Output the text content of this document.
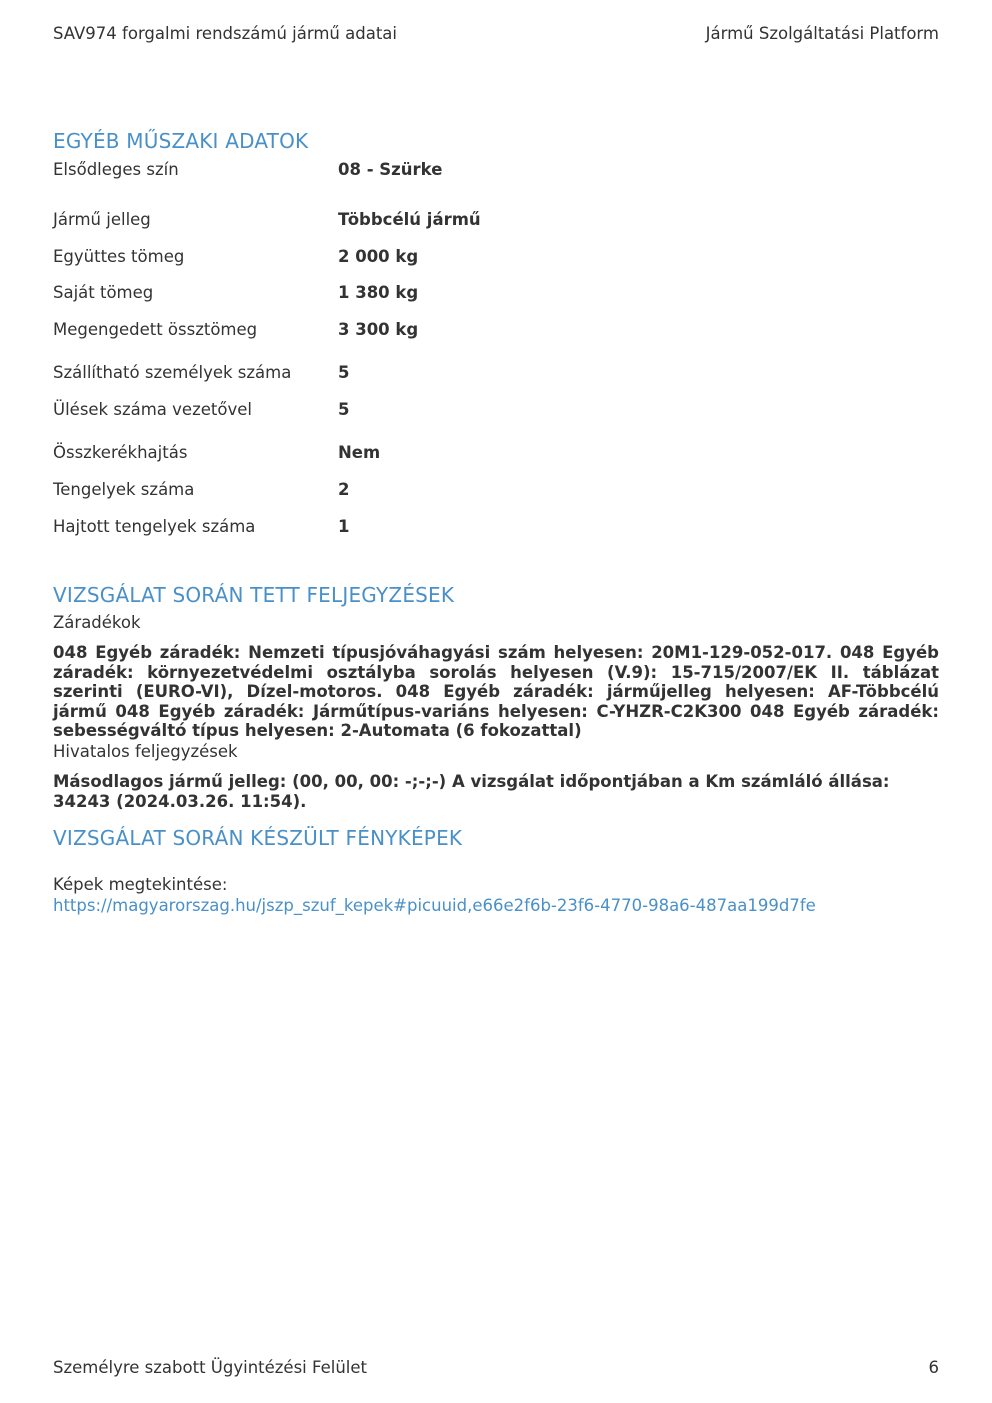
SAV974 forgalmi rendszámú jármű adatai	Jármű Szolgáltatási Platform
EGYÉB MŰSZAKI ADATOK
Elsődleges szín	08 - Szürke
Jármű jelleg	Többcélú jármű
Együttes tömeg	2 000 kg
Saját tömeg	1 380 kg
Megengedett össztömeg	3 300 kg
Szállítható személyek száma	5
Ülések száma vezetővel	5
Összkerékhajtás	Nem
Tengelyek száma	2
Hajtott tengelyek száma	1
VIZSGÁLAT SORÁN TETT FELJEGYZÉSEK
Záradékok
048 Egyéb záradék: Nemzeti típusjóváhagyási szám helyesen: 20M1-129-052-017. 048 Egyéb záradék: környezetvédelmi osztályba sorolás helyesen (V.9): 15-715/2007/EK II. táblázat szerinti (EURO-VI), Dízel-motoros. 048 Egyéb záradék: járműjelleg helyesen: AF-Többcélú jármű 048 Egyéb záradék: Járműtípus-variáns helyesen: C-YHZR-C2K300 048 Egyéb záradék: sebességváltó típus helyesen: 2-Automata (6 fokozattal)
Hivatalos feljegyzések
Másodlagos jármű jelleg: (00, 00, 00: -;-;-) A vizsgálat időpontjában a Km számláló állása: 34243 (2024.03.26. 11:54).
VIZSGÁLAT SORÁN KÉSZÜLT FÉNYKÉPEK
Képek megtekintése:
https://magyarorszag.hu/jszp_szuf_kepek#picuuid,e66e2f6b-23f6-4770-98a6-487aa199d7fe
Személyre szabott Ügyintézési Felület	6
